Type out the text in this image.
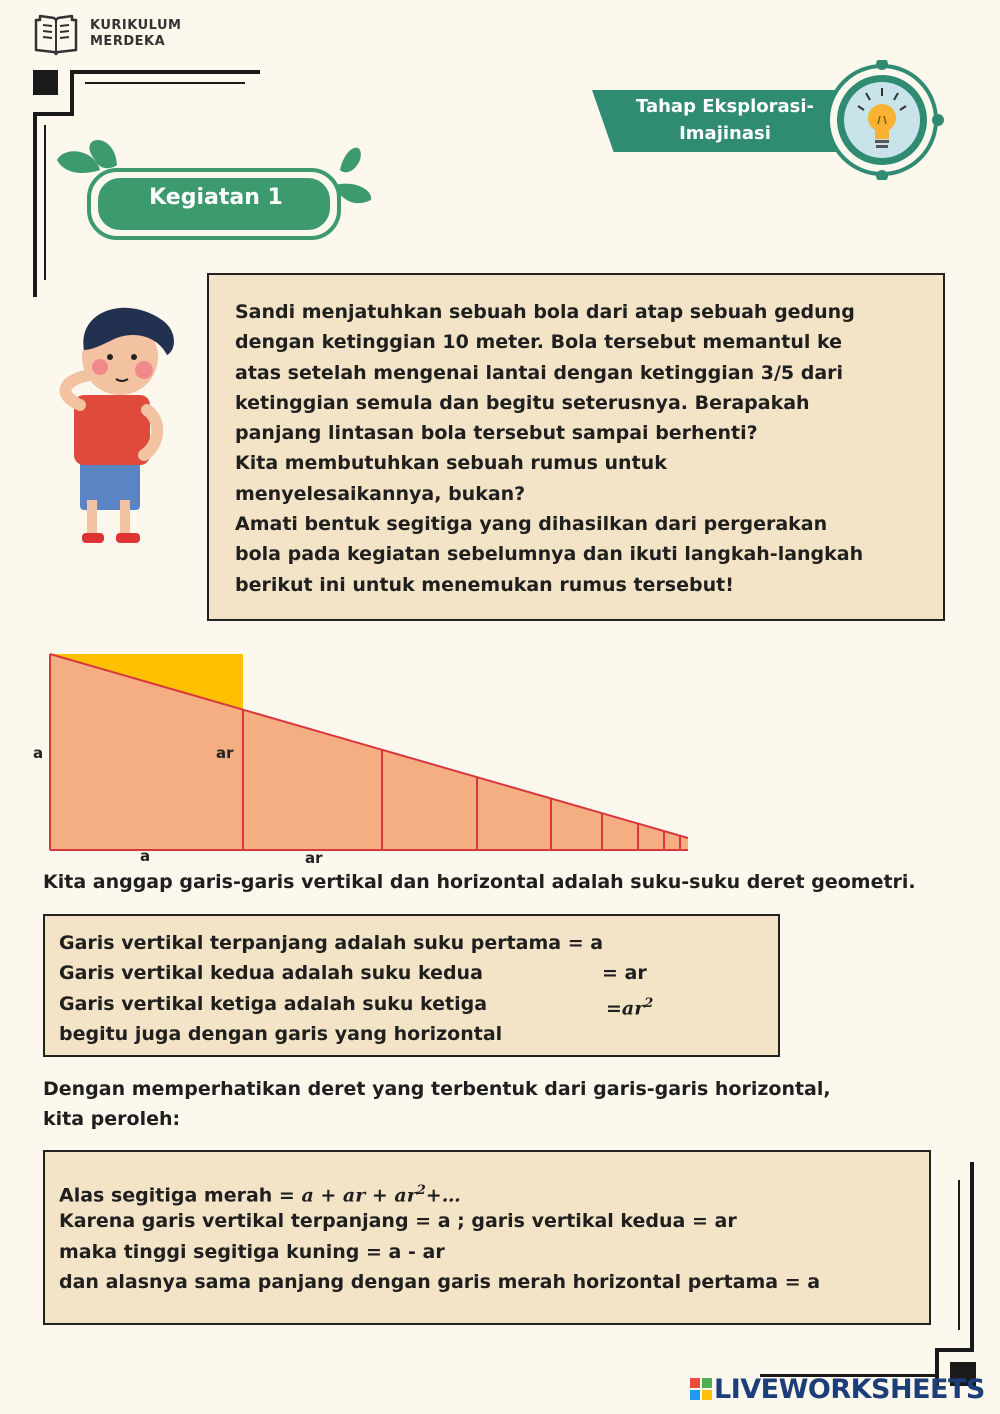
KURIKULUM
MERDEKA
Tahap Eksplorasi-Imajinasi
Kegiatan 1
Sandi menjatuhkan sebuah bola dari atap sebuah gedung
dengan ketinggian 10 meter. Bola tersebut memantul ke
atas setelah mengenai lantai dengan ketinggian 3/5 dari
ketinggian semula dan begitu seterusnya. Berapakah
panjang lintasan bola tersebut sampai berhenti?
Kita membutuhkan sebuah rumus untuk
menyelesaikannya, bukan?
Amati bentuk segitiga yang dihasilkan dari pergerakan
bola pada kegiatan sebelumnya dan ikuti langkah-langkah
berikut ini untuk menemukan rumus tersebut!
a	ar
a	ar
Kita anggap garis-garis vertikal dan horizontal adalah suku-suku deret geometri.
Garis vertikal terpanjang adalah suku pertama = a
Garis vertikal kedua adalah suku kedua	= ar
Garis vertikal ketiga adalah suku ketiga	$=ar^2$
begitu juga dengan garis yang horizontal
Dengan memperhatikan deret yang terbentuk dari garis-garis horizontal,
kita peroleh:
Alas segitiga merah = a + ar + $ar^2+\dots$
Karena garis vertikal terpanjang = a ; garis vertikal kedua = ar
maka tinggi segitiga kuning = a - ar
dan alasnya sama panjang dengan garis merah horizontal pertama = a
LIVEWORKSHEETS
